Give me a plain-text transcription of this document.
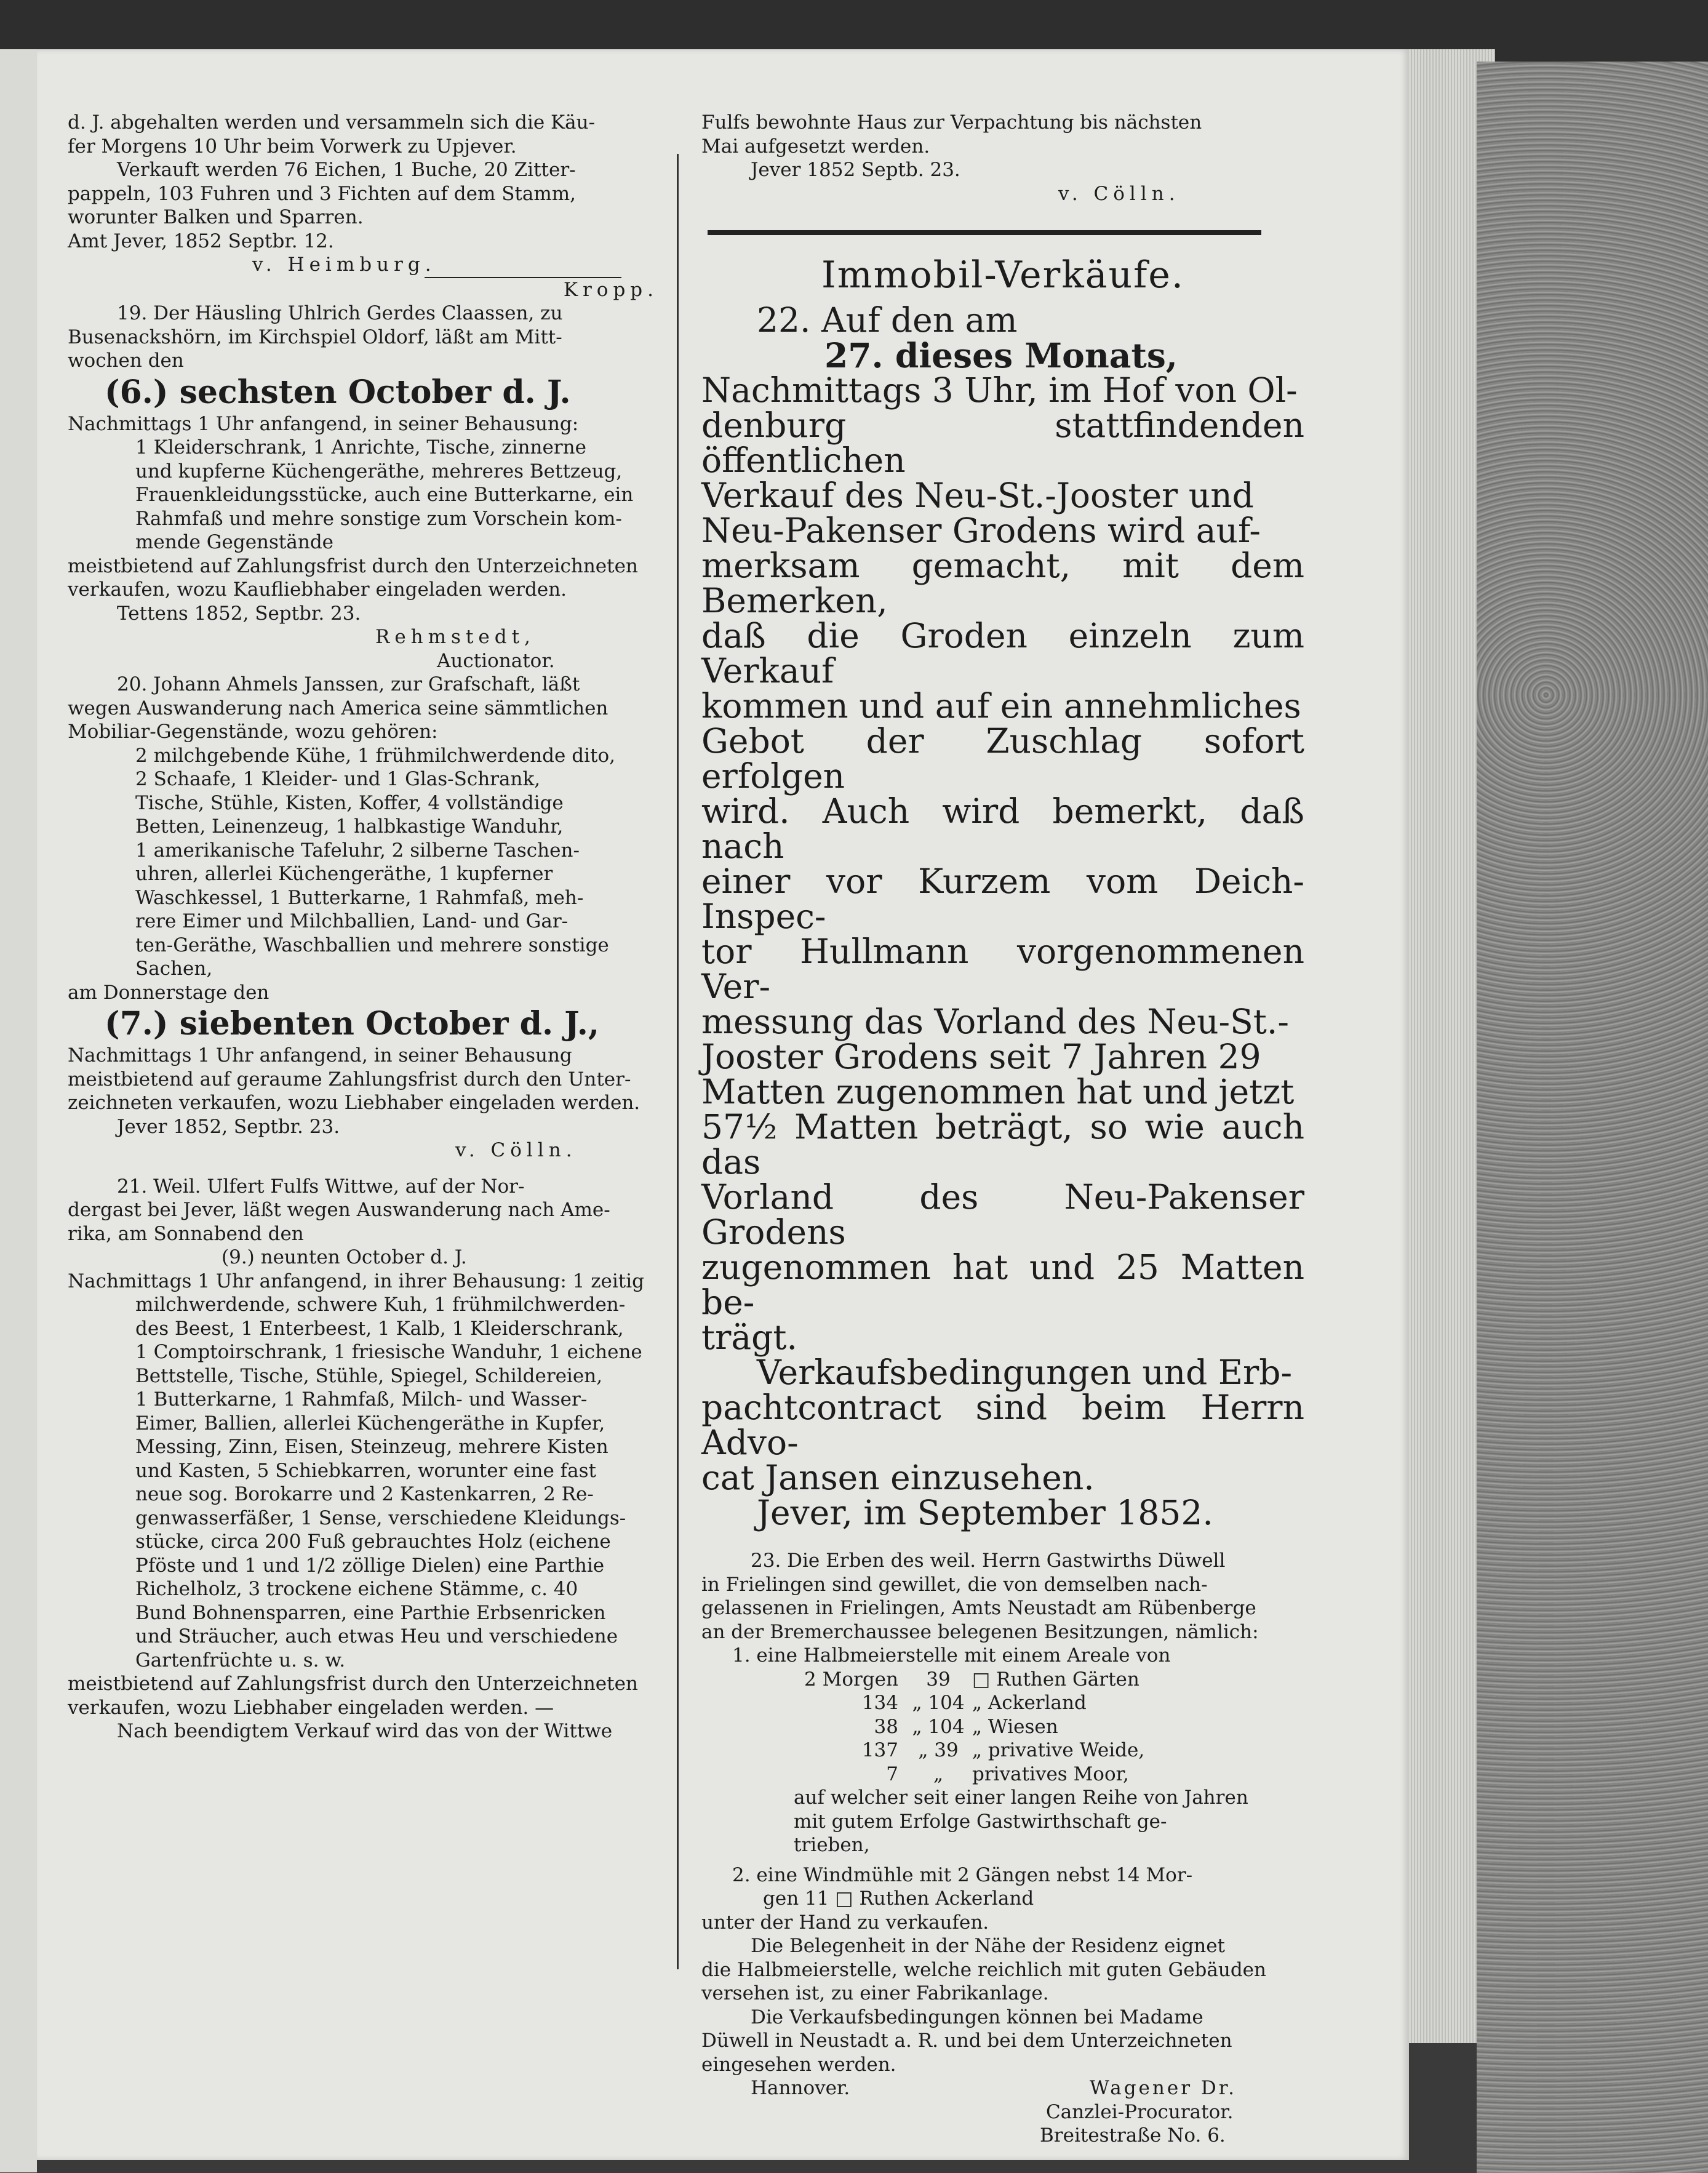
d. J. abgehalten werden und versammeln sich die Käu-

fer Morgens 10 Uhr beim Vorwerk zu Upjever.

Verkauft werden 76 Eichen, 1 Buche, 20 Zitter-

pappeln, 103 Fuhren und 3 Fichten auf dem Stamm,

worunter Balken und Sparren.

Amt Jever, 1852 Septbr. 12.

v. Heimburg.

Kropp.

19. Der Häusling Uhlrich Gerdes Claassen, zu

Busenackshörn, im Kirchspiel Oldorf, läßt am Mitt-

wochen den

(6.) sechsten October d. J.

Nachmittags 1 Uhr anfangend, in seiner Behausung:

1 Kleiderschrank, 1 Anrichte, Tische, zinnerne

und kupferne Küchengeräthe, mehreres Bettzeug,

Frauenkleidungsstücke, auch eine Butterkarne, ein

Rahmfaß und mehre sonstige zum Vorschein kom-

mende Gegenstände

meistbietend auf Zahlungsfrist durch den Unterzeichneten

verkaufen, wozu Kaufliebhaber eingeladen werden.

Tettens 1852, Septbr. 23.

Rehmstedt,

Auctionator.

20. Johann Ahmels Janssen, zur Grafschaft, läßt

wegen Auswanderung nach America seine sämmtlichen

Mobiliar-Gegenstände, wozu gehören:

2 milchgebende Kühe, 1 frühmilchwerdende dito,

2 Schaafe, 1 Kleider- und 1 Glas-Schrank,

Tische, Stühle, Kisten, Koffer, 4 vollständige

Betten, Leinenzeug, 1 halbkastige Wanduhr,

1 amerikanische Tafeluhr, 2 silberne Taschen-

uhren, allerlei Küchengeräthe, 1 kupferner

Waschkessel, 1 Butterkarne, 1 Rahmfaß, meh-

rere Eimer und Milchballien, Land- und Gar-

ten-Geräthe, Waschballien und mehrere sonstige

Sachen,

am Donnerstage den

(7.) siebenten October d. J.,

Nachmittags 1 Uhr anfangend, in seiner Behausung

meistbietend auf geraume Zahlungsfrist durch den Unter-

zeichneten verkaufen, wozu Liebhaber eingeladen werden.

Jever 1852, Septbr. 23.

v. Cölln.

21. Weil. Ulfert Fulfs Wittwe, auf der Nor-

dergast bei Jever, läßt wegen Auswanderung nach Ame-

rika, am Sonnabend den

(9.) neunten October d. J.

Nachmittags 1 Uhr anfangend, in ihrer Behausung: 1 zeitig

milchwerdende, schwere Kuh, 1 frühmilchwerden-

des Beest, 1 Enterbeest, 1 Kalb, 1 Kleiderschrank,

1 Comptoirschrank, 1 friesische Wanduhr, 1 eichene

Bettstelle, Tische, Stühle, Spiegel, Schildereien,

1 Butterkarne, 1 Rahmfaß, Milch- und Wasser-

Eimer, Ballien, allerlei Küchengeräthe in Kupfer,

Messing, Zinn, Eisen, Steinzeug, mehrere Kisten

und Kasten, 5 Schiebkarren, worunter eine fast

neue sog. Borokarre und 2 Kastenkarren, 2 Re-

genwasserfäßer, 1 Sense, verschiedene Kleidungs-

stücke, circa 200 Fuß gebrauchtes Holz (eichene

Pföste und 1 und 1/2 zöllige Dielen) eine Parthie

Richelholz, 3 trockene eichene Stämme, c. 40

Bund Bohnensparren, eine Parthie Erbsenricken

und Sträucher, auch etwas Heu und verschiedene

Gartenfrüchte u. s. w.

meistbietend auf Zahlungsfrist durch den Unterzeichneten

verkaufen, wozu Liebhaber eingeladen werden. —

Nach beendigtem Verkauf wird das von der Wittwe

Fulfs bewohnte Haus zur Verpachtung bis nächsten

Mai aufgesetzt werden.

Jever 1852 Septb. 23.

v. Cölln.

Immobil-Verkäufe.

22. Auf den am

27. dieses Monats,

Nachmittags 3 Uhr, im Hof von Ol-

denburg stattfindenden öffentlichen

Verkauf des Neu-St.-Jooster und

Neu-Pakenser Grodens wird auf-

merksam gemacht, mit dem Bemerken,

daß die Groden einzeln zum Verkauf

kommen und auf ein annehmliches

Gebot der Zuschlag sofort erfolgen

wird. Auch wird bemerkt, daß nach

einer vor Kurzem vom Deich-Inspec-

tor Hullmann vorgenommenen Ver-

messung das Vorland des Neu-St.-

Jooster Grodens seit 7 Jahren 29

Matten zugenommen hat und jetzt

57½ Matten beträgt, so wie auch das

Vorland des Neu-Pakenser Grodens

zugenommen hat und 25 Matten be-

trägt.

Verkaufsbedingungen und Erb-

pachtcontract sind beim Herrn Advo-

cat Jansen einzusehen.

Jever, im September 1852.

23. Die Erben des weil. Herrn Gastwirths Düwell

in Frielingen sind gewillet, die von demselben nach-

gelassenen in Frielingen, Amts Neustadt am Rübenberge

an der Bremerchaussee belegenen Besitzungen, nämlich:

1. eine Halbmeierstelle mit einem Areale von

2 Morgen	39	□ Ruthen Gärten
134 „ 104 „ Ackerland
38 „ 104 „ Wiesen
137	„ 39 „ privative Weide,
7	„	privatives Moor,

auf welcher seit einer langen Reihe von Jahren

mit gutem Erfolge Gastwirthschaft ge-

trieben,

2. eine Windmühle mit 2 Gängen nebst 14 Mor-

gen 11 □ Ruthen Ackerland

unter der Hand zu verkaufen.

Die Belegenheit in der Nähe der Residenz eignet

die Halbmeierstelle, welche reichlich mit guten Gebäuden

versehen ist, zu einer Fabrikanlage.

Die Verkaufsbedingungen können bei Madame

Düwell in Neustadt a. R. und bei dem Unterzeichneten

eingesehen werden.

Hannover.	Wagener Dr.

Canzlei-Procurator.

Breitestraße No. 6.
